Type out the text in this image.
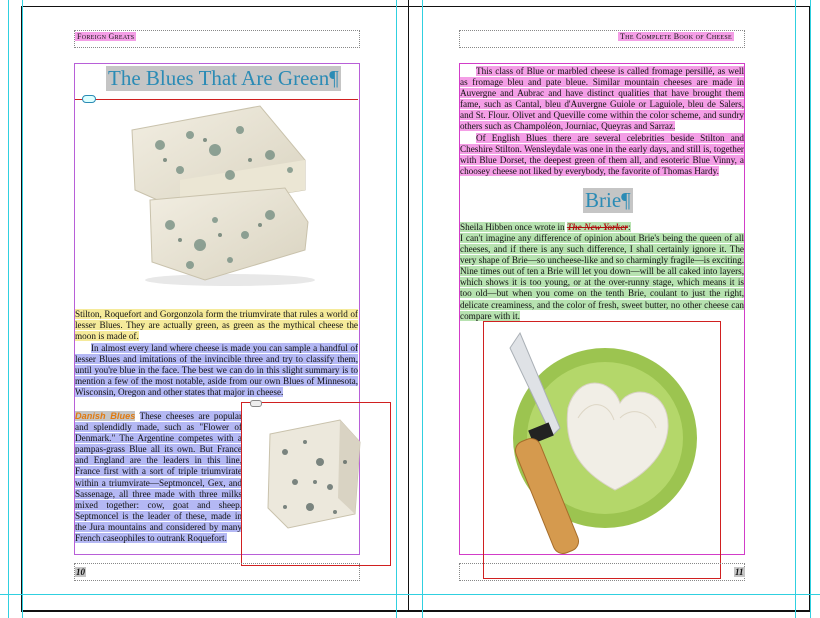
Foreign Greats
The Blues That Are Green¶
Stilton, Roquefort and Gorgonzola form the triumvirate that rules a world of lesser Blues. They are actually green, as green as the mythical cheese the moon is made of.
In almost every land where cheese is made you can sample a handful of lesser Blues and imitations of the invincible three and try to classify them, until you're blue in the face. The best we can do in this slight summary is to mention a few of the most notable, aside from our own Blues of Minnesota, Wisconsin, Oregon and other states that major in cheese.
Danish Blues These cheeses are popular and splendidly made, such as "Flower of Denmark." The Argentine competes with a pampas-grass Blue all its own. But France and England are the leaders in this line, France first with a sort of triple triumvirate within a triumvirate—Septmoncel, Gex, and Sassenage, all three made with three milks mixed together: cow, goat and sheep. Septmoncel is the leader of these, made in the Jura mountains and considered by many French caseophiles to outrank Roquefort.
10
The Complete Book of Cheese
This class of Blue or marbled cheese is called fromage persillé, as well as fromage bleu and pate bleue. Similar mountain cheeses are made in Auvergne and Aubrac and have distinct qualities that have brought them fame, such as Cantal, bleu d'Auvergne Guiole or Laguiole, bleu de Salers, and St. Flour. Olivet and Queville come within the color scheme, and sundry others such as Champoléon, Journiac, Queyras and Sarraz.
Of English Blues there are several celebrities beside Stilton and Cheshire Stilton. Wensleydale was one in the early days, and still is, together with Blue Dorset, the deepest green of them all, and esoteric Blue Vinny, a choosey cheese not liked by everybody, the favorite of Thomas Hardy.
Brie¶
Sheila Hibben once wrote in The New Yorker:
I can't imagine any difference of opinion about Brie's being the queen of all cheeses, and if there is any such difference, I shall certainly ignore it. The very shape of Brie—so uncheese-like and so charmingly fragile—is exciting. Nine times out of ten a Brie will let you down—will be all caked into layers, which shows it is too young, or at the over-runny stage, which means it is too old—but when you come on the tenth Brie, coulant to just the right, delicate creaminess, and the color of fresh, sweet butter, no other cheese can compare with it.
11
